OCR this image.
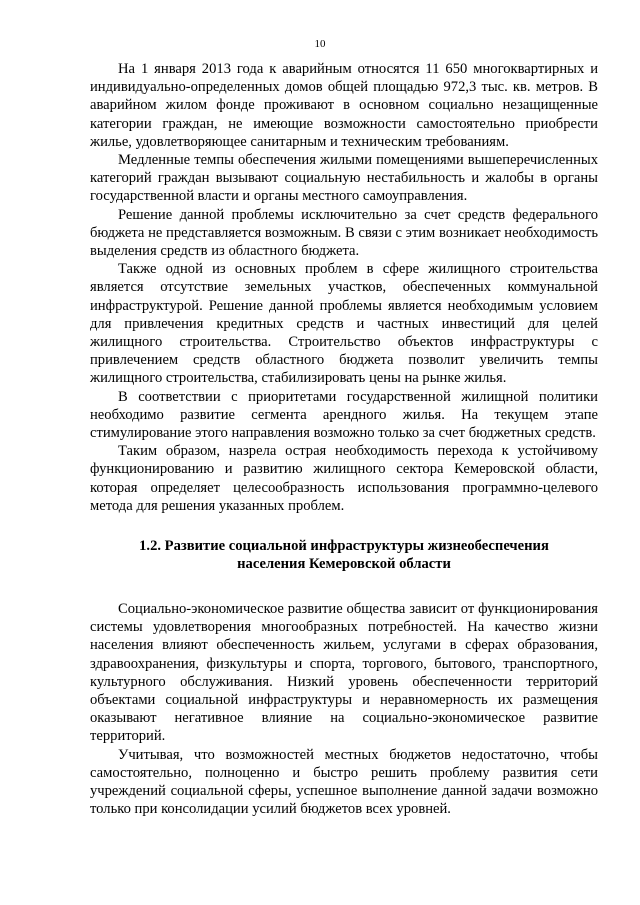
10

На 1 января 2013 года к аварийным относятся 11 650 многоквартирных и индивидуально-определенных домов общей площадью 972,3 тыс. кв. метров. В аварийном жилом фонде проживают в основном социально незащищенные категории граждан, не имеющие возможности самостоятельно приобрести жилье, удовлетворяющее санитарным и техническим требованиям.

Медленные темпы обеспечения жилыми помещениями вышеперечисленных категорий граждан вызывают социальную нестабильность и жалобы в органы государственной власти и органы местного самоуправления.

Решение данной проблемы исключительно за счет средств федерального бюджета не представляется возможным. В связи с этим возникает необходимость выделения средств из областного бюджета.

Также одной из основных проблем в сфере жилищного строительства является отсутствие земельных участков, обеспеченных коммунальной инфраструктурой. Решение данной проблемы является необходимым условием для привлечения кредитных средств и частных инвестиций для целей жилищного строительства. Строительство объектов инфраструктуры с привлечением средств областного бюджета позволит увеличить темпы жилищного строительства, стабилизировать цены на рынке жилья.

В соответствии с приоритетами государственной жилищной политики необходимо развитие сегмента арендного жилья. На текущем этапе стимулирование этого направления возможно только за счет бюджетных средств.

Таким образом, назрела острая необходимость перехода к устойчивому функционированию и развитию жилищного сектора Кемеровской области, которая определяет целесообразность использования программно-целевого метода для решения указанных проблем.

1.2. Развитие социальной инфраструктуры жизнеобеспечения
населения Кемеровской области

Социально-экономическое развитие общества зависит от функционирования системы удовлетворения многообразных потребностей. На качество жизни населения влияют обеспеченность жильем, услугами в сферах образования, здравоохранения, физкультуры и спорта, торгового, бытового, транспортного, культурного обслуживания. Низкий уровень обеспеченности территорий объектами социальной инфраструктуры и неравномерность их размещения оказывают негативное влияние на социально-экономическое развитие территорий.

Учитывая, что возможностей местных бюджетов недостаточно, чтобы самостоятельно, полноценно и быстро решить проблему развития сети учреждений социальной сферы, успешное выполнение данной задачи возможно только при консолидации усилий бюджетов всех уровней.
